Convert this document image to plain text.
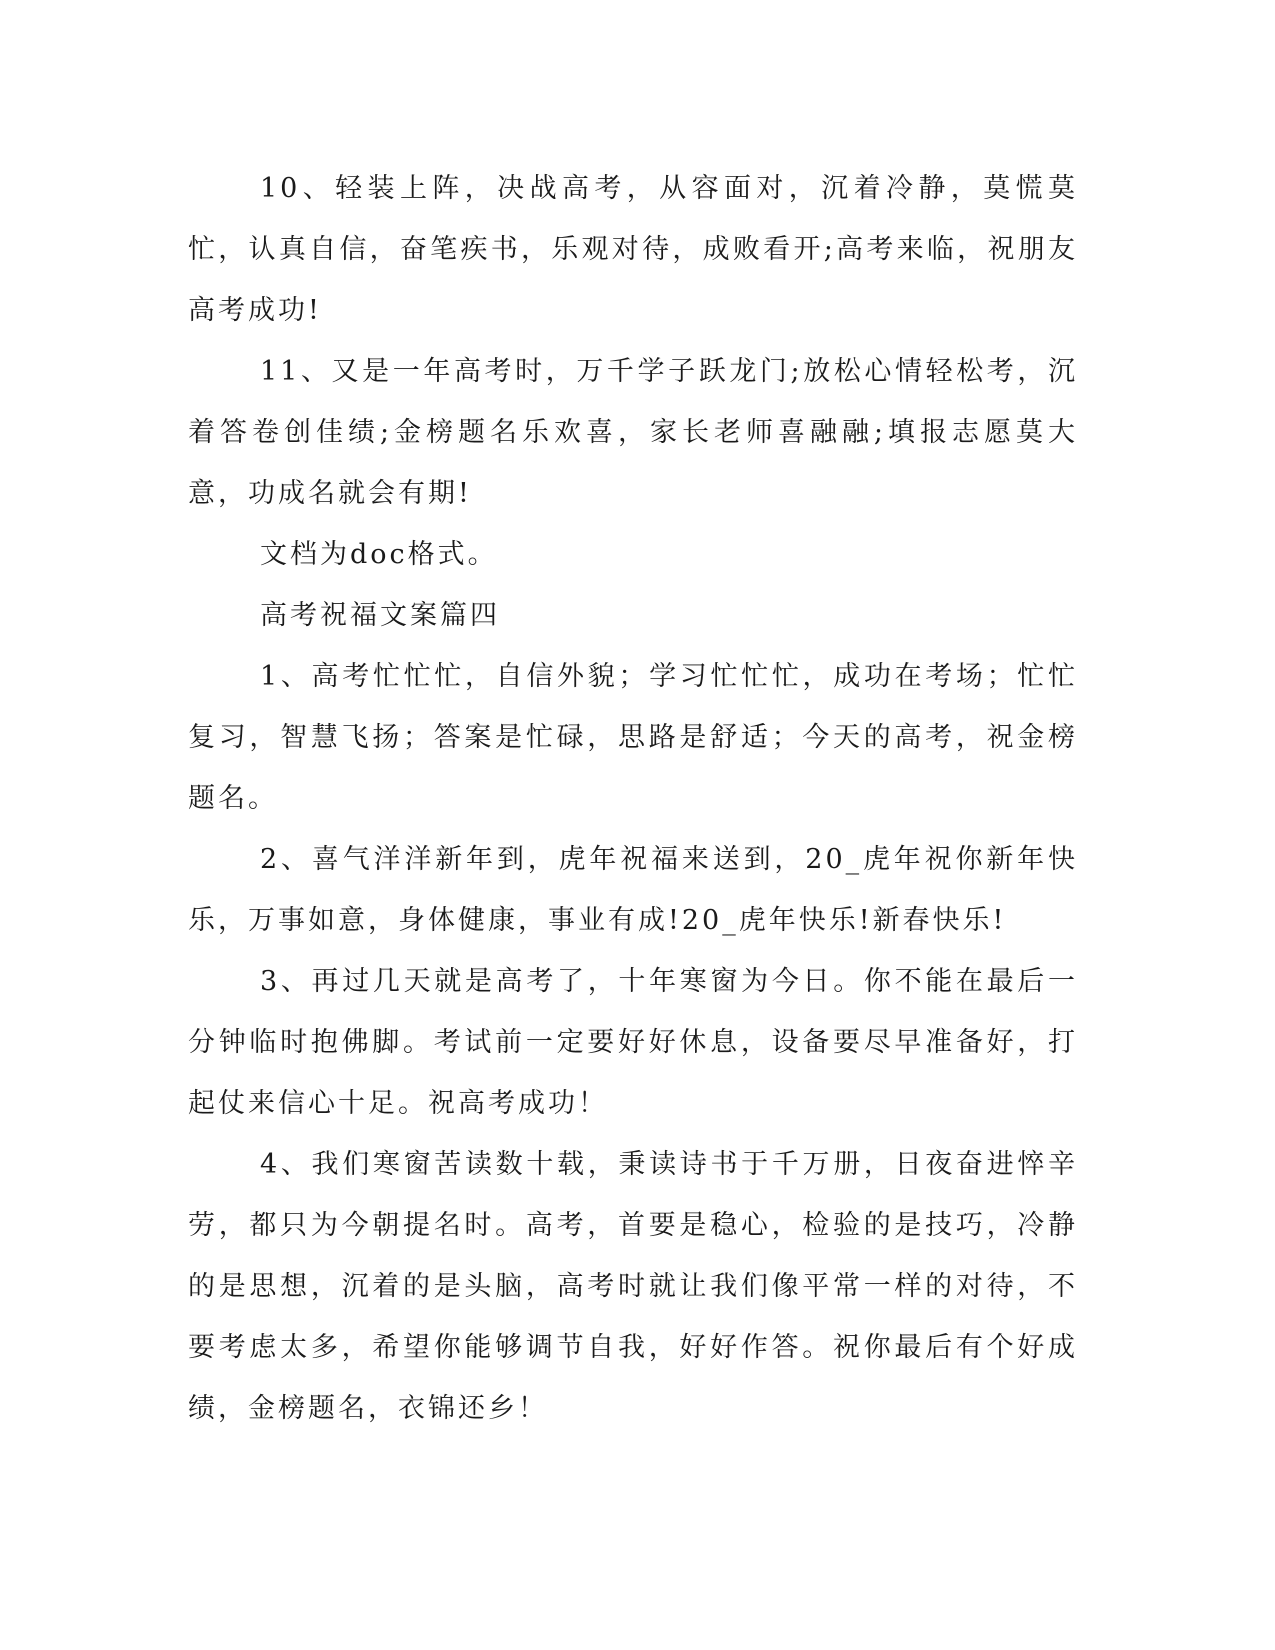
10、轻装上阵，决战高考，从容面对，沉着冷静，莫慌莫忙，认真自信，奋笔疾书，乐观对待，成败看开;高考来临，祝朋友高考成功!

11、又是一年高考时，万千学子跃龙门;放松心情轻松考，沉着答卷创佳绩;金榜题名乐欢喜，家长老师喜融融;填报志愿莫大意，功成名就会有期!

文档为doc格式。

高考祝福文案篇四

1、高考忙忙忙，自信外貌；学习忙忙忙，成功在考场；忙忙复习，智慧飞扬；答案是忙碌，思路是舒适；今天的高考，祝金榜题名。

2、喜气洋洋新年到，虎年祝福来送到，20_虎年祝你新年快乐，万事如意，身体健康，事业有成!20_虎年快乐!新春快乐!

3、再过几天就是高考了，十年寒窗为今日。你不能在最后一分钟临时抱佛脚。考试前一定要好好休息，设备要尽早准备好，打起仗来信心十足。祝高考成功！

4、我们寒窗苦读数十载，秉读诗书于千万册，日夜奋进悴辛劳，都只为今朝提名时。高考，首要是稳心，检验的是技巧，冷静的是思想，沉着的是头脑，高考时就让我们像平常一样的对待，不要考虑太多，希望你能够调节自我，好好作答。祝你最后有个好成绩，金榜题名，衣锦还乡！
